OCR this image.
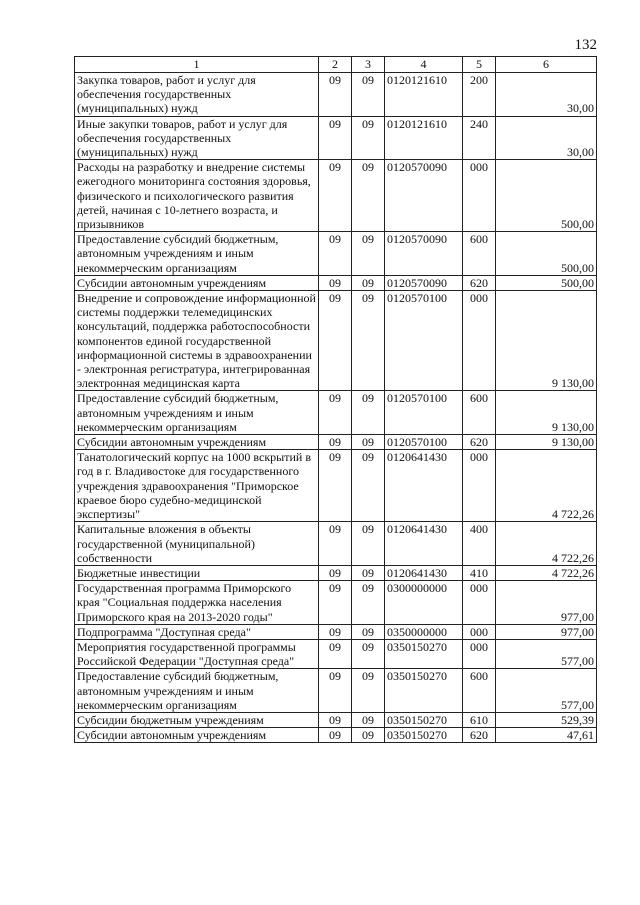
132
1	2	3	4	5	6
Закупка товаров, работ и услуг для обеспечения государственных (муниципальных) нужд	09	09	0120121610	200	30,00
Иные закупки товаров, работ и услуг для обеспечения государственных (муниципальных) нужд	09	09	0120121610	240	30,00
Расходы на разработку и внедрение системы ежегодного мониторинга состояния здоровья, физического и психологического развития детей, начиная с 10-летнего возраста, и призывников	09	09	0120570090	000	500,00
Предоставление субсидий бюджетным, автономным учреждениям и иным некоммерческим организациям	09	09	0120570090	600	500,00
Субсидии автономным учреждениям	09	09	0120570090	620	500,00
Внедрение и сопровождение информационной системы поддержки телемедицинских консультаций, поддержка работоспособности компонентов единой государственной информационной системы в здравоохранении - электронная регистратура, интегрированная электронная медицинская карта	09	09	0120570100	000	9 130,00
Предоставление субсидий бюджетным, автономным учреждениям и иным некоммерческим организациям	09	09	0120570100	600	9 130,00
Субсидии автономным учреждениям	09	09	0120570100	620	9 130,00
Танатологический корпус на 1000 вскрытий в год в г. Владивостоке для государственного учреждения здравоохранения "Приморское краевое бюро судебно-медицинской экспертизы"	09	09	0120641430	000	4 722,26
Капитальные вложения в объекты государственной (муниципальной) собственности	09	09	0120641430	400	4 722,26
Бюджетные инвестиции	09	09	0120641430	410	4 722,26
Государственная программа Приморского края "Социальная поддержка населения Приморского края на 2013-2020 годы"	09	09	0300000000	000	977,00
Подпрограмма "Доступная среда"	09	09	0350000000	000	977,00
Мероприятия государственной программы Российской Федерации "Доступная среда"	09	09	0350150270	000	577,00
Предоставление субсидий бюджетным, автономным учреждениям и иным некоммерческим организациям	09	09	0350150270	600	577,00
Субсидии бюджетным учреждениям	09	09	0350150270	610	529,39
Субсидии автономным учреждениям	09	09	0350150270	620	47,61
